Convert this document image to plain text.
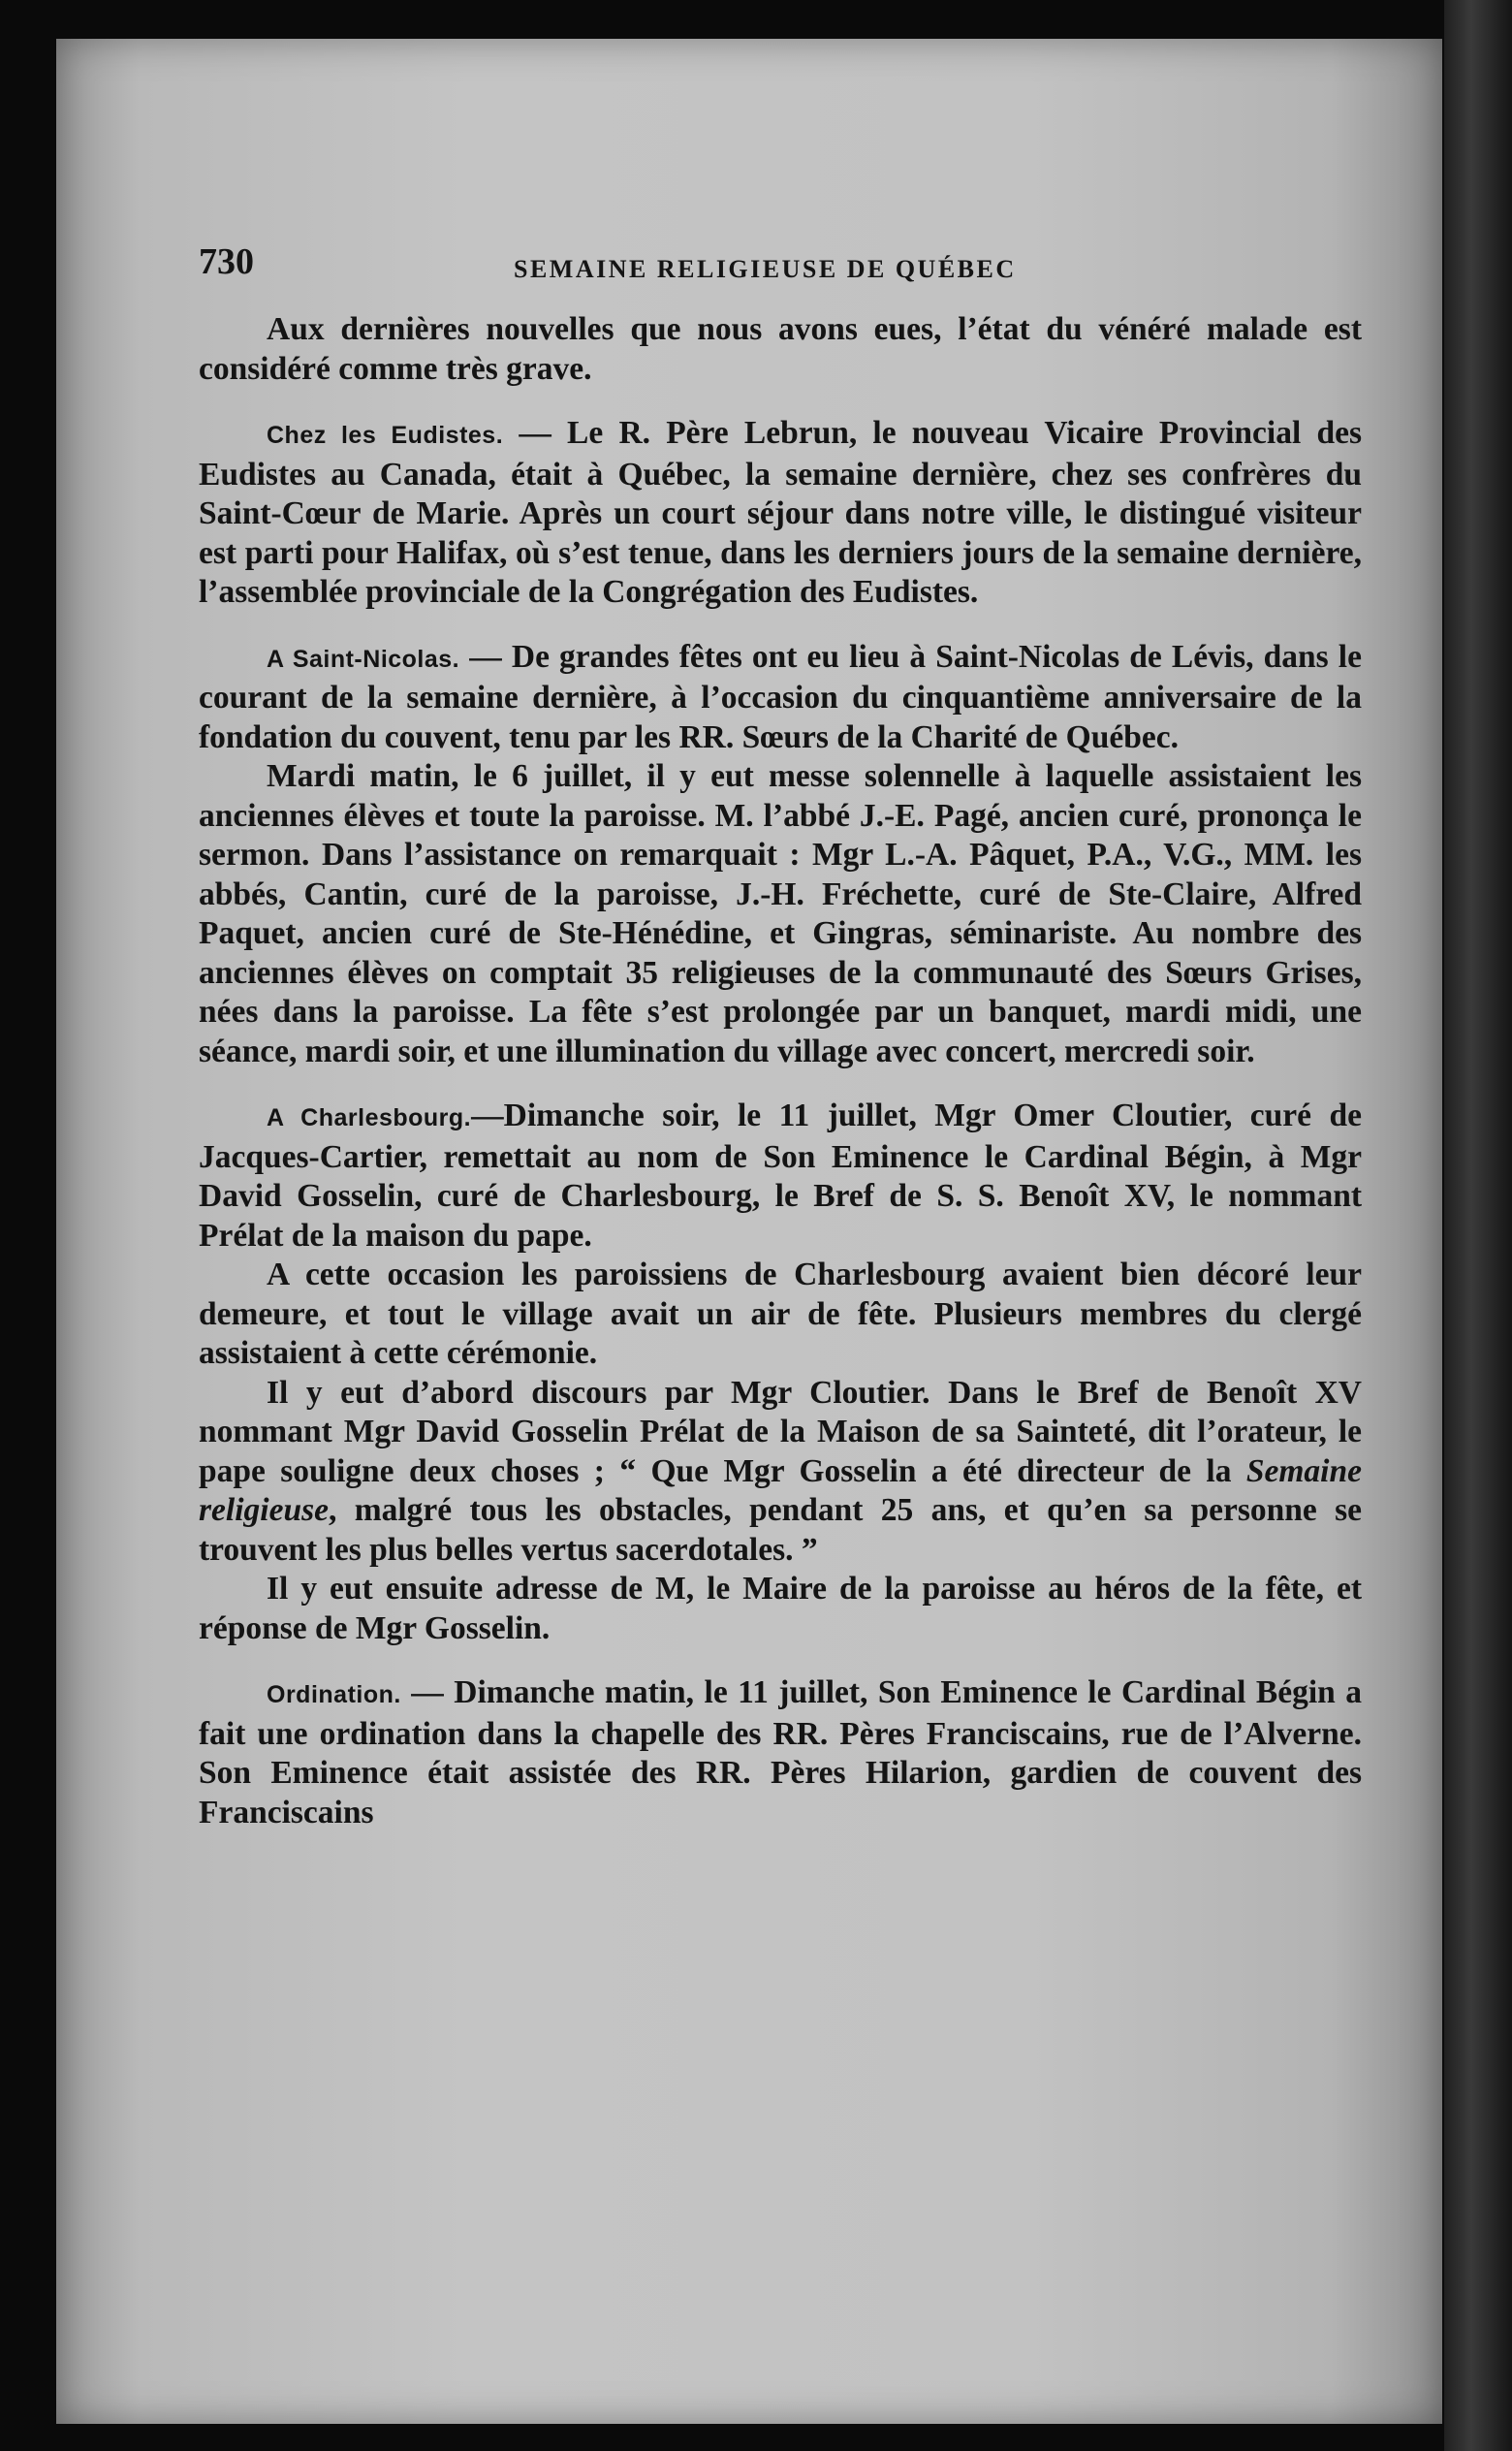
730	SEMAINE RELIGIEUSE DE QUÉBEC

Aux dernières nouvelles que nous avons eues, l’état du vénéré malade est considéré comme très grave.

Chez les Eudistes. — Le R. Père Lebrun, le nouveau Vicaire Provincial des Eudistes au Canada, était à Québec, la semaine dernière, chez ses confrères du Saint-Cœur de Marie. Après un court séjour dans notre ville, le distingué visiteur est parti pour Halifax, où s’est tenue, dans les derniers jours de la semaine dernière, l’assemblée provinciale de la Congrégation des Eudistes.

A Saint-Nicolas. — De grandes fêtes ont eu lieu à Saint-Nicolas de Lévis, dans le courant de la semaine dernière, à l’occasion du cinquantième anniversaire de la fondation du couvent, tenu par les RR. Sœurs de la Charité de Québec.

Mardi matin, le 6 juillet, il y eut messe solennelle à laquelle assistaient les anciennes élèves et toute la paroisse. M. l’abbé J.-E. Pagé, ancien curé, prononça le sermon. Dans l’assistance on remarquait : Mgr L.-A. Pâquet, P.A., V.G., MM. les abbés, Cantin, curé de la paroisse, J.-H. Fréchette, curé de Ste-Claire, Alfred Paquet, ancien curé de Ste-Hénédine, et Gingras, séminariste. Au nombre des anciennes élèves on comptait 35 religieuses de la communauté des Sœurs Grises, nées dans la paroisse. La fête s’est prolongée par un banquet, mardi midi, une séance, mardi soir, et une illumination du village avec concert, mercredi soir.

A Charlesbourg.—Dimanche soir, le 11 juillet, Mgr Omer Cloutier, curé de Jacques-Cartier, remettait au nom de Son Eminence le Cardinal Bégin, à Mgr David Gosselin, curé de Charlesbourg, le Bref de S. S. Benoît XV, le nommant Prélat de la maison du pape.

A cette occasion les paroissiens de Charlesbourg avaient bien décoré leur demeure, et tout le village avait un air de fête. Plusieurs membres du clergé assistaient à cette cérémonie.

Il y eut d’abord discours par Mgr Cloutier. Dans le Bref de Benoît XV nommant Mgr David Gosselin Prélat de la Maison de sa Sainteté, dit l’orateur, le pape souligne deux choses ; “ Que Mgr Gosselin a été directeur de la Semaine religieuse, malgré tous les obstacles, pendant 25 ans, et qu’en sa personne se trouvent les plus belles vertus sacerdotales. ”

Il y eut ensuite adresse de M, le Maire de la paroisse au héros de la fête, et réponse de Mgr Gosselin.

Ordination. — Dimanche matin, le 11 juillet, Son Eminence le Cardinal Bégin a fait une ordination dans la chapelle des RR. Pères Franciscains, rue de l’Alverne. Son Eminence était assistée des RR. Pères Hilarion, gardien de couvent des Franciscains
